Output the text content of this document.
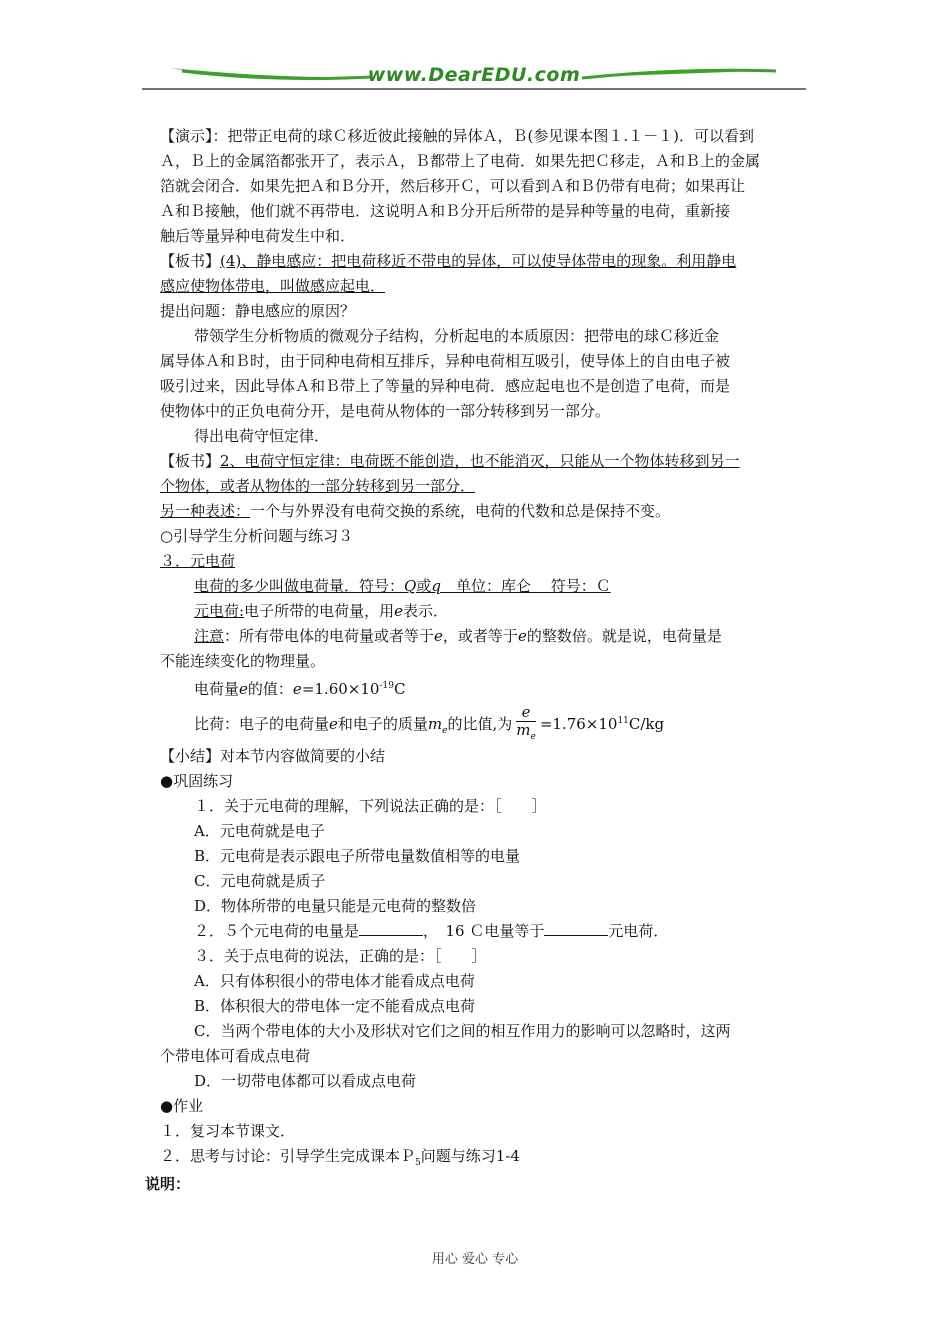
www.DearEDU.com
【演示】：把带正电荷的球Ｃ移近彼此接触的异体Ａ，Ｂ(参见课本图１.１－１)．可以看到
Ａ，Ｂ上的金属箔都张开了，表示Ａ，Ｂ都带上了电荷．如果先把Ｃ移走，Ａ和Ｂ上的金属
箔就会闭合．如果先把Ａ和Ｂ分开，然后移开Ｃ，可以看到Ａ和Ｂ仍带有电荷；如果再让
Ａ和Ｂ接触，他们就不再带电．这说明Ａ和Ｂ分开后所带的是异种等量的电荷，重新接
触后等量异种电荷发生中和．
【板书】(4)、静电感应：把电荷移近不带电的异体，可以使导体带电的现象。利用静电
感应使物体带电，叫做感应起电．
提出问题：静电感应的原因？
带领学生分析物质的微观分子结构，分析起电的本质原因：把带电的球Ｃ移近金
属导体Ａ和Ｂ时，由于同种电荷相互排斥，异种电荷相互吸引，使导体上的自由电子被
吸引过来，因此导体Ａ和Ｂ带上了等量的异种电荷．感应起电也不是创造了电荷，而是
使物体中的正负电荷分开，是电荷从物体的一部分转移到另一部分。
得出电荷守恒定律．
【板书】2、电荷守恒定律：电荷既不能创造，也不能消灭，只能从一个物体转移到另一
个物体，或者从物体的一部分转移到另一部分．
另一种表述：一个与外界没有电荷交换的系统，电荷的代数和总是保持不变。
○引导学生分析问题与练习３
３．元电荷
电荷的多少叫做电荷量．符号：Q或q　单位：库仑　 符号：Ｃ
元电荷:电子所带的电荷量，用e表示．
注意：所有带电体的电荷量或者等于e，或者等于e的整数倍。就是说，电荷量是
不能连续变化的物理量。
电荷量e的值：$e=1.60\times 10^{-19}C$
比荷：电子的电荷量e和电子的质量$m_e$的比值,为 $\frac{e}{m_e} =1.76\times 10^{11}C/kg$
【小结】对本节内容做简要的小结
●巩固练习
１．关于元电荷的理解，下列说法正确的是：［　　］
A．元电荷就是电子
B．元电荷是表示跟电子所带电量数值相等的电量
C．元电荷就是质子
D．物体所带的电量只能是元电荷的整数倍
２．５个元电荷的电量是	，　16 Ｃ电量等于	元电荷．
３．关于点电荷的说法，正确的是：［　　］
A．只有体积很小的带电体才能看成点电荷
B．体积很大的带电体一定不能看成点电荷
C．当两个带电体的大小及形状对它们之间的相互作用力的影响可以忽略时，这两
个带电体可看成点电荷
D．一切带电体都可以看成点电荷
●作业
１．复习本节课文．
２．思考与讨论：引导学生完成课本Ｐ$_5$问题与练习1-4
说明：
用心 爱心 专心
